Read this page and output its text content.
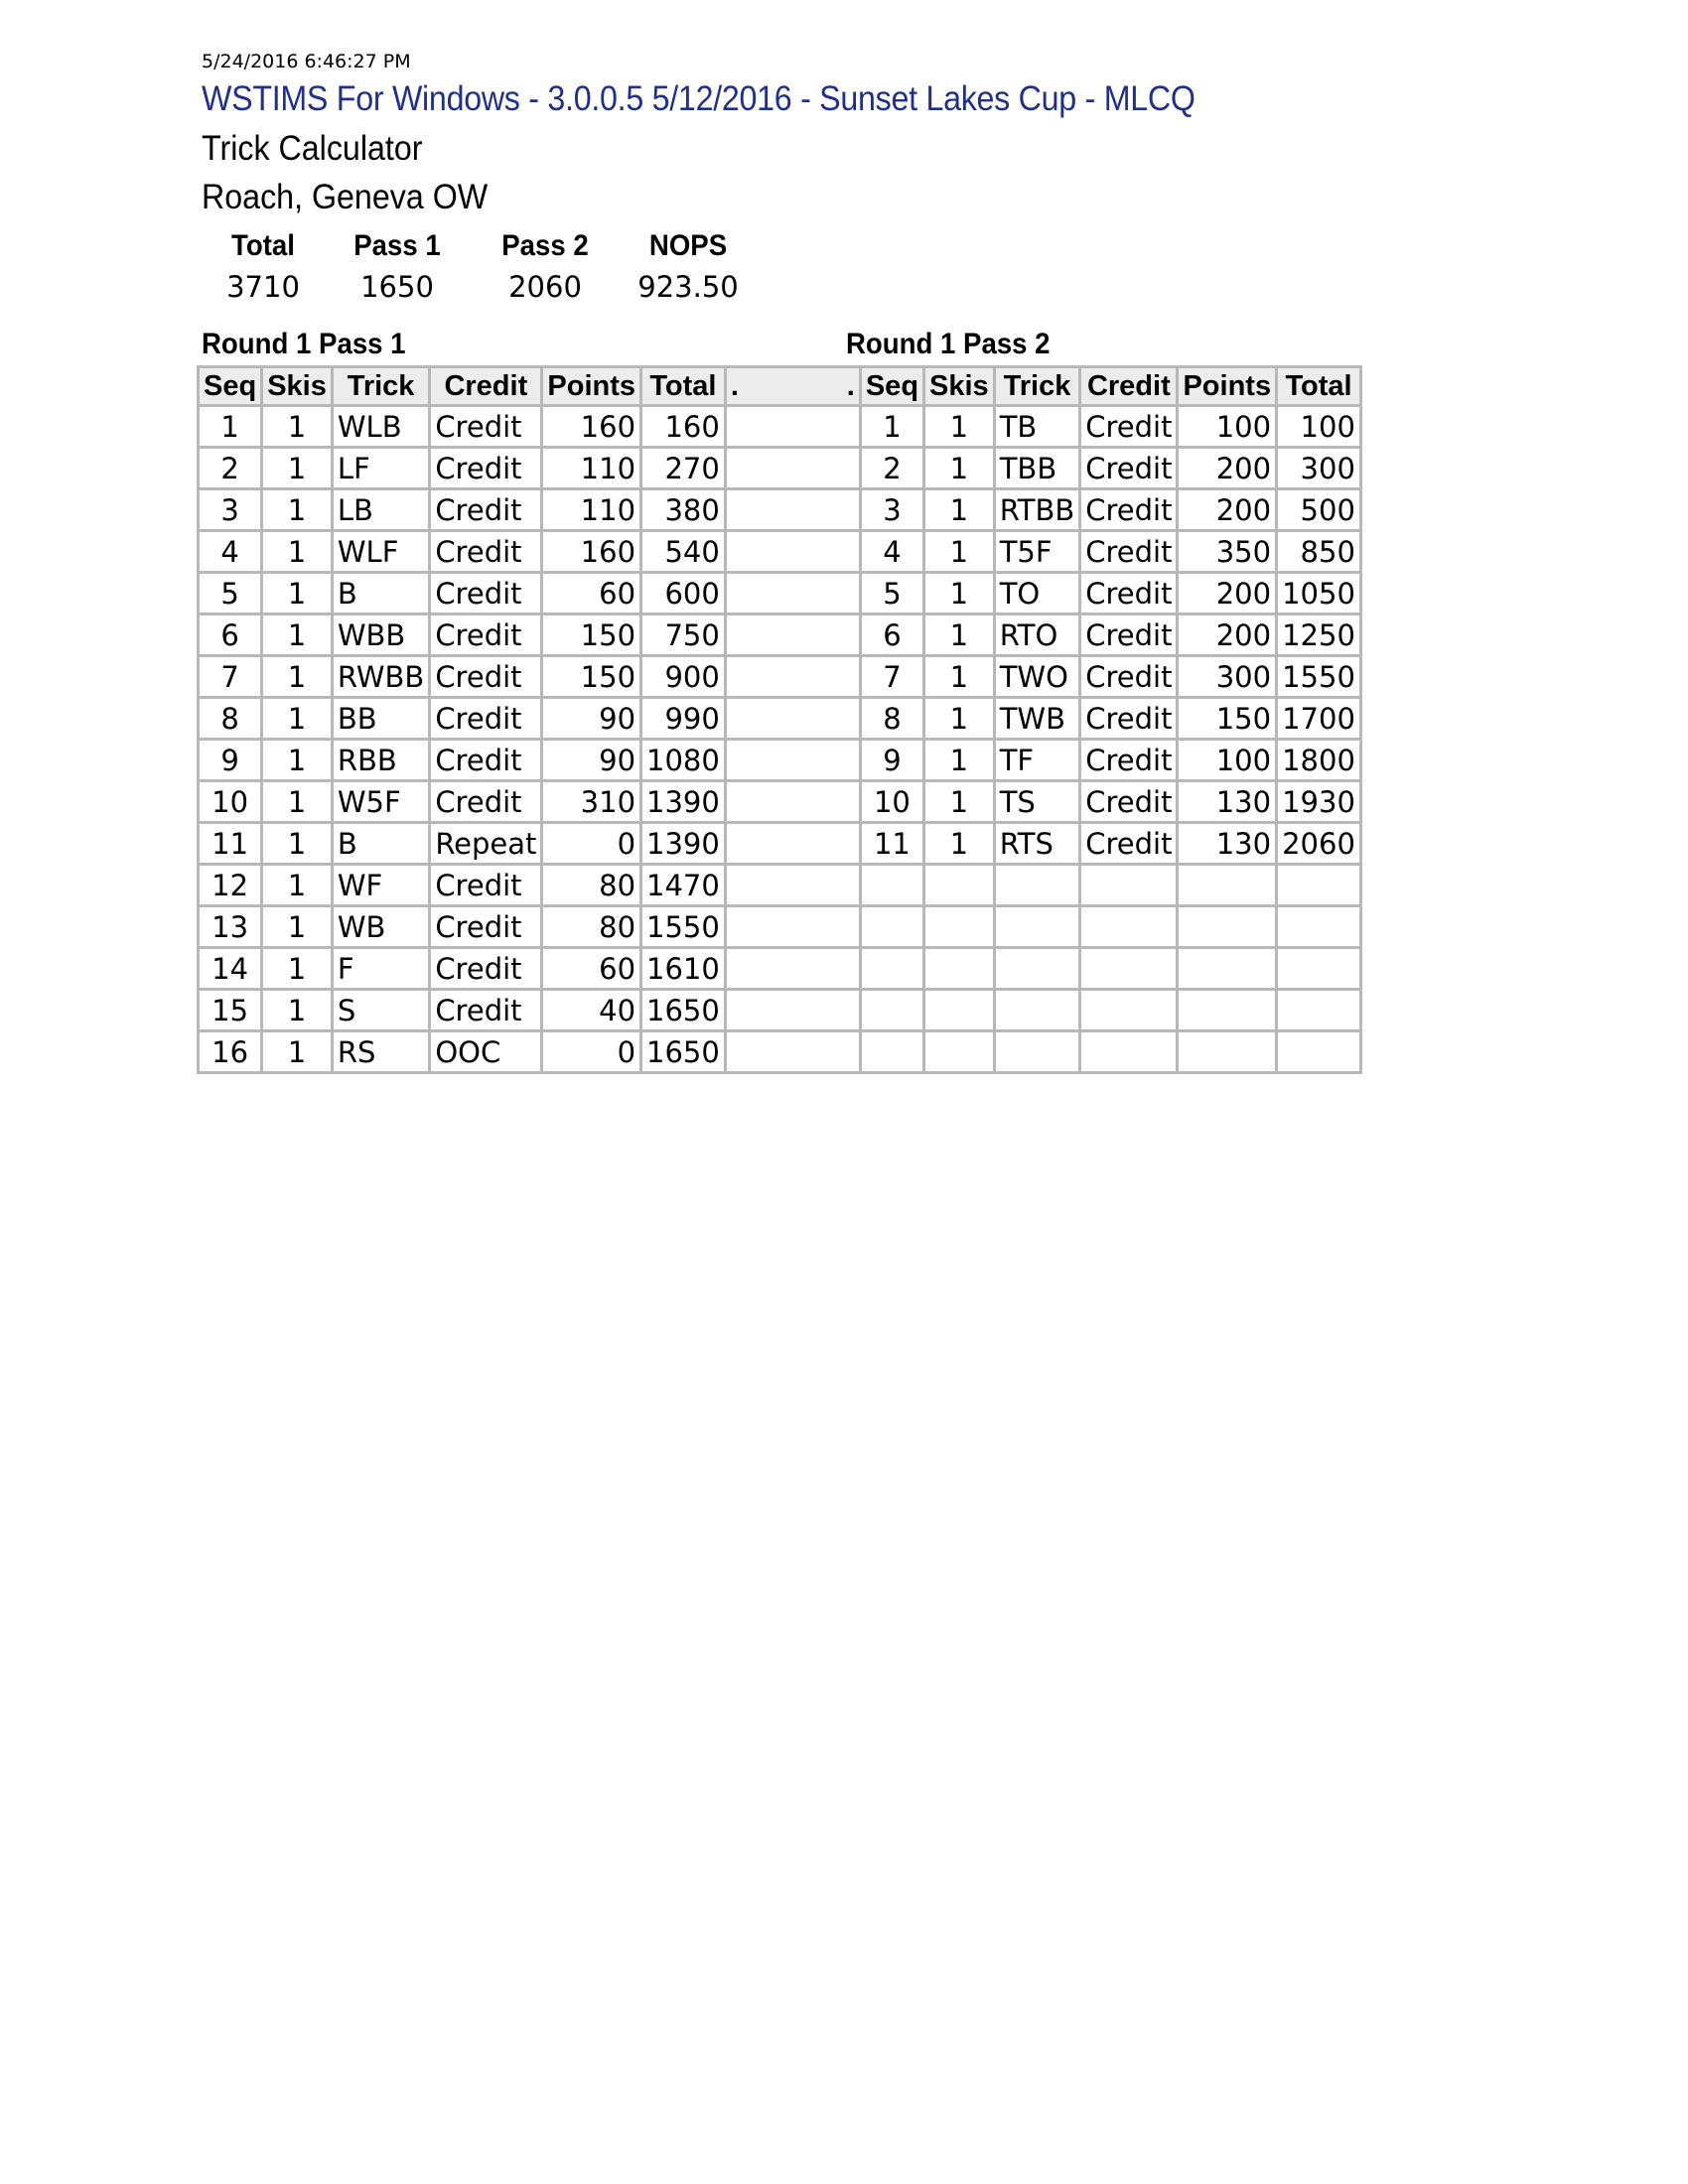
5/24/2016 6:46:27 PM
WSTIMS For Windows - 3.0.0.5 5/12/2016 - Sunset Lakes Cup - MLCQ
Trick Calculator
Roach, Geneva OW
Total	Pass 1	Pass 2	NOPS
3710	1650	2060	923.50
Round 1 Pass 1	Round 1 Pass 2
Seq	Skis	Trick	Credit	Points	Total	. .	Seq	Skis	Trick	Credit	Points	Total
1	1	WLB	Credit	160	160		1	1	TB	Credit	100	100
2	1	LF	Credit	110	270		2	1	TBB	Credit	200	300
3	1	LB	Credit	110	380		3	1	RTBB	Credit	200	500
4	1	WLF	Credit	160	540		4	1	T5F	Credit	350	850
5	1	B	Credit	60	600		5	1	TO	Credit	200	1050
6	1	WBB	Credit	150	750		6	1	RTO	Credit	200	1250
7	1	RWBB	Credit	150	900		7	1	TWO	Credit	300	1550
8	1	BB	Credit	90	990		8	1	TWB	Credit	150	1700
9	1	RBB	Credit	90	1080		9	1	TF	Credit	100	1800
10	1	W5F	Credit	310	1390		10	1	TS	Credit	130	1930
11	1	B	Repeat	0	1390		11	1	RTS	Credit	130	2060
12	1	WF	Credit	80	1470							
13	1	WB	Credit	80	1550							
14	1	F	Credit	60	1610							
15	1	S	Credit	40	1650							
16	1	RS	OOC	0	1650							
